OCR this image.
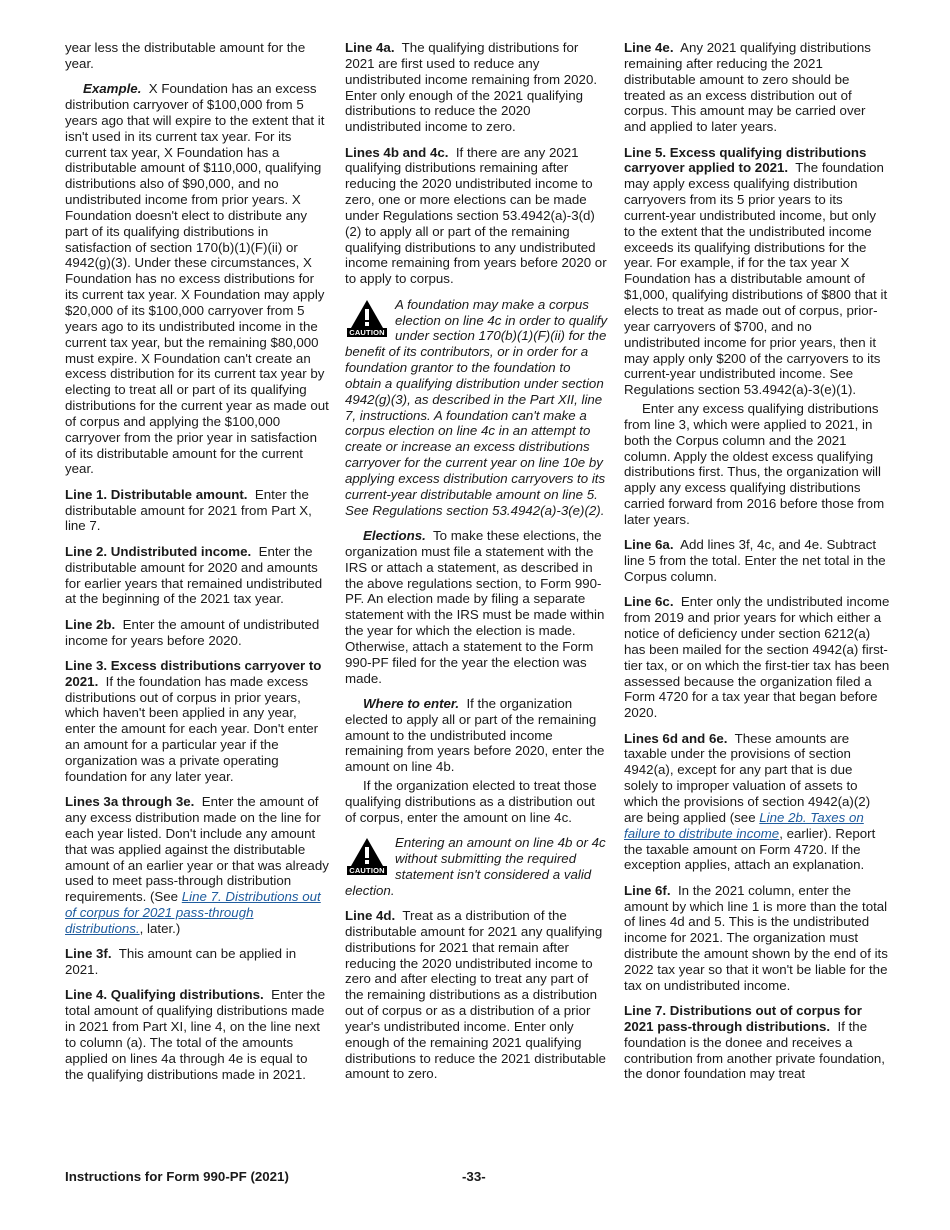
year less the distributable amount for the year.

Example. X Foundation has an excess distribution carryover of $100,000 from 5 years ago that will expire to the extent that it isn't used in its current tax year. For its current tax year, X Foundation has a distributable amount of $110,000, qualifying distributions also of $90,000, and no undistributed income from prior years. X Foundation doesn't elect to distribute any part of its qualifying distributions in satisfaction of section 170(b)(1)(F)(ii) or 4942(g)(3). Under these circumstances, X Foundation has no excess distributions for its current tax year. X Foundation may apply $20,000 of its $100,000 carryover from 5 years ago to its undistributed income in the current tax year, but the remaining $80,000 must expire. X Foundation can't create an excess distribution for its current tax year by electing to treat all or part of its qualifying distributions for the current year as made out of corpus and applying the $100,000 carryover from the prior year in satisfaction of its distributable amount for the current year.

Line 1. Distributable amount. Enter the distributable amount for 2021 from Part X, line 7.

Line 2. Undistributed income. Enter the distributable amount for 2020 and amounts for earlier years that remained undistributed at the beginning of the 2021 tax year.

Line 2b. Enter the amount of undistributed income for years before 2020.

Line 3. Excess distributions carryover to 2021. If the foundation has made excess distributions out of corpus in prior years, which haven't been applied in any year, enter the amount for each year. Don't enter an amount for a particular year if the organization was a private operating foundation for any later year.

Lines 3a through 3e. Enter the amount of any excess distribution made on the line for each year listed. Don't include any amount that was applied against the distributable amount of an earlier year or that was already used to meet pass-through distribution requirements. (See Line 7. Distributions out of corpus for 2021 pass-through distributions., later.)

Line 3f. This amount can be applied in 2021.

Line 4. Qualifying distributions. Enter the total amount of qualifying distributions made in 2021 from Part XI, line 4, on the line next to column (a). The total of the amounts applied on lines 4a through 4e is equal to the qualifying distributions made in 2021.

Line 4a. The qualifying distributions for 2021 are first used to reduce any undistributed income remaining from 2020. Enter only enough of the 2021 qualifying distributions to reduce the 2020 undistributed income to zero.

Lines 4b and 4c. If there are any 2021 qualifying distributions remaining after reducing the 2020 undistributed income to zero, one or more elections can be made under Regulations section 53.4942(a)-3(d)(2) to apply all or part of the remaining qualifying distributions to any undistributed income remaining from years before 2020 or to apply to corpus.

CAUTION
A foundation may make a corpus election on line 4c in order to qualify under section 170(b)(1)(F)(ii) for the benefit of its contributors, or in order for a foundation grantor to the foundation to obtain a qualifying distribution under section 4942(g)(3), as described in the Part XII, line 7, instructions. A foundation can't make a corpus election on line 4c in an attempt to create or increase an excess distributions carryover for the current year on line 10e by applying excess distribution carryovers to its current-year distributable amount on line 5. See Regulations section 53.4942(a)-3(e)(2).

Elections. To make these elections, the organization must file a statement with the IRS or attach a statement, as described in the above regulations section, to Form 990-PF. An election made by filing a separate statement with the IRS must be made within the year for which the election is made. Otherwise, attach a statement to the Form 990-PF filed for the year the election was made.

Where to enter. If the organization elected to apply all or part of the remaining amount to the undistributed income remaining from years before 2020, enter the amount on line 4b.

If the organization elected to treat those qualifying distributions as a distribution out of corpus, enter the amount on line 4c.

CAUTION
Entering an amount on line 4b or 4c without submitting the required statement isn't considered a valid election.

Line 4d. Treat as a distribution of the distributable amount for 2021 any qualifying distributions for 2021 that remain after reducing the 2020 undistributed income to zero and after electing to treat any part of the remaining distributions as a distribution out of corpus or as a distribution of a prior year's undistributed income. Enter only enough of the remaining 2021 qualifying distributions to reduce the 2021 distributable amount to zero.

Line 4e. Any 2021 qualifying distributions remaining after reducing the 2021 distributable amount to zero should be treated as an excess distribution out of corpus. This amount may be carried over and applied to later years.

Line 5. Excess qualifying distributions carryover applied to 2021. The foundation may apply excess qualifying distribution carryovers from its 5 prior years to its current-year undistributed income, but only to the extent that the undistributed income exceeds its qualifying distributions for the year. For example, if for the tax year X Foundation has a distributable amount of $1,000, qualifying distributions of $800 that it elects to treat as made out of corpus, prior-year carryovers of $700, and no undistributed income for prior years, then it may apply only $200 of the carryovers to its current-year undistributed income. See Regulations section 53.4942(a)-3(e)(1).

Enter any excess qualifying distributions from line 3, which were applied to 2021, in both the Corpus column and the 2021 column. Apply the oldest excess qualifying distributions first. Thus, the organization will apply any excess qualifying distributions carried forward from 2016 before those from later years.

Line 6a. Add lines 3f, 4c, and 4e. Subtract line 5 from the total. Enter the net total in the Corpus column.

Line 6c. Enter only the undistributed income from 2019 and prior years for which either a notice of deficiency under section 6212(a) has been mailed for the section 4942(a) first-tier tax, or on which the first-tier tax has been assessed because the organization filed a Form 4720 for a tax year that began before 2020.

Lines 6d and 6e. These amounts are taxable under the provisions of section 4942(a), except for any part that is due solely to improper valuation of assets to which the provisions of section 4942(a)(2) are being applied (see Line 2b. Taxes on failure to distribute income, earlier). Report the taxable amount on Form 4720. If the exception applies, attach an explanation.

Line 6f. In the 2021 column, enter the amount by which line 1 is more than the total of lines 4d and 5. This is the undistributed income for 2021. The organization must distribute the amount shown by the end of its 2022 tax year so that it won't be liable for the tax on undistributed income.

Line 7. Distributions out of corpus for 2021 pass-through distributions. If the foundation is the donee and receives a contribution from another private foundation, the donor foundation may treat

Instructions for Form 990-PF (2021)	-33-
